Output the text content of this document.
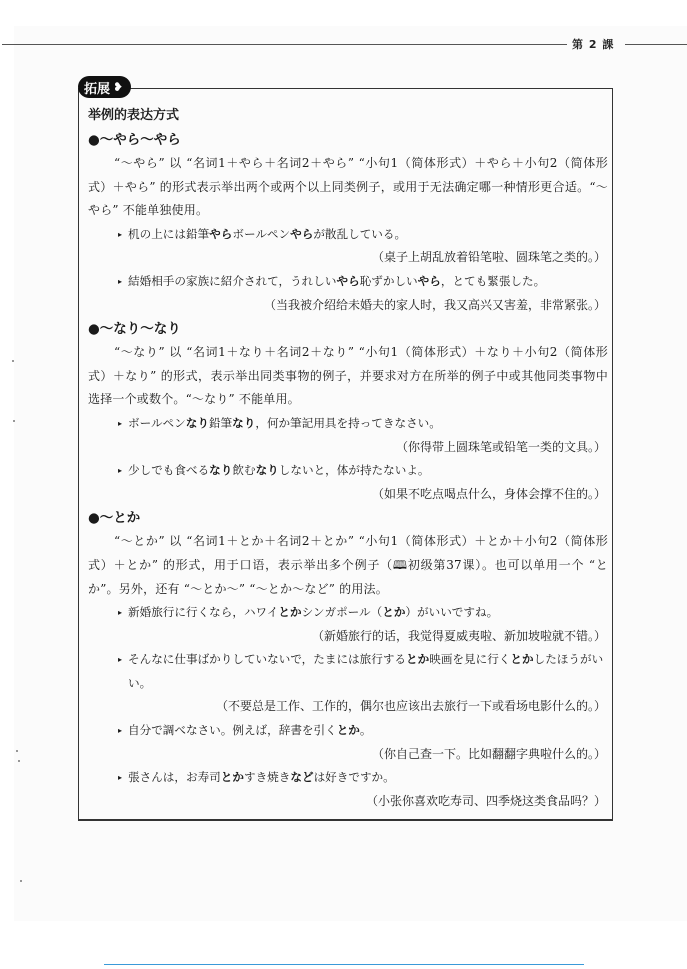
第 2 課
拓展 ❥

举例的表达方式

●～やら～やら

“～やら” 以 “名词1＋やら＋名词2＋やら” “小句1（简体形式）＋やら＋小句2（简体形式）＋やら” 的形式表示举出两个或两个以上同类例子，或用于无法确定哪一种情形更合适。“～やら” 不能单独使用。

▸ 机の上には鉛筆やらボールペンやらが散乱している。

（桌子上胡乱放着铅笔啦、圆珠笔之类的。）

▸ 結婚相手の家族に紹介されて，うれしいやら恥ずかしいやら，とても緊張した。

（当我被介绍给未婚夫的家人时，我又高兴又害羞，非常紧张。）

●～なり～なり

“～なり” 以 “名词1＋なり＋名词2＋なり” “小句1（简体形式）＋なり＋小句2（简体形式）＋なり” 的形式，表示举出同类事物的例子，并要求对方在所举的例子中或其他同类事物中选择一个或数个。“～なり” 不能单用。

▸ ボールペンなり鉛筆なり，何か筆記用具を持ってきなさい。

（你得带上圆珠笔或铅笔一类的文具。）

▸ 少しでも食べるなり飲むなりしないと，体が持たないよ。

（如果不吃点喝点什么，身体会撑不住的。）

●～とか

“～とか” 以 “名词1＋とか＋名词2＋とか” “小句1（简体形式）＋とか＋小句2（简体形式）＋とか” 的形式，用于口语，表示举出多个例子（🕮初级第37课）。也可以单用一个 “とか”。另外，还有 “～とか～” “～とか～など” 的用法。

▸ 新婚旅行に行くなら，ハワイとかシンガポール（とか）がいいですね。

（新婚旅行的话，我觉得夏威夷啦、新加坡啦就不错。）

▸ そんなに仕事ばかりしていないで，たまには旅行するとか映画を見に行くとかしたほうがいい。

（不要总是工作、工作的，偶尔也应该出去旅行一下或看场电影什么的。）

▸ 自分で調べなさい。例えば，辞書を引くとか。

（你自己查一下。比如翻翻字典啦什么的。）

▸ 張さんは，お寿司とかすき焼きなどは好きですか。

（小张你喜欢吃寿司、四季烧这类食品吗？）
